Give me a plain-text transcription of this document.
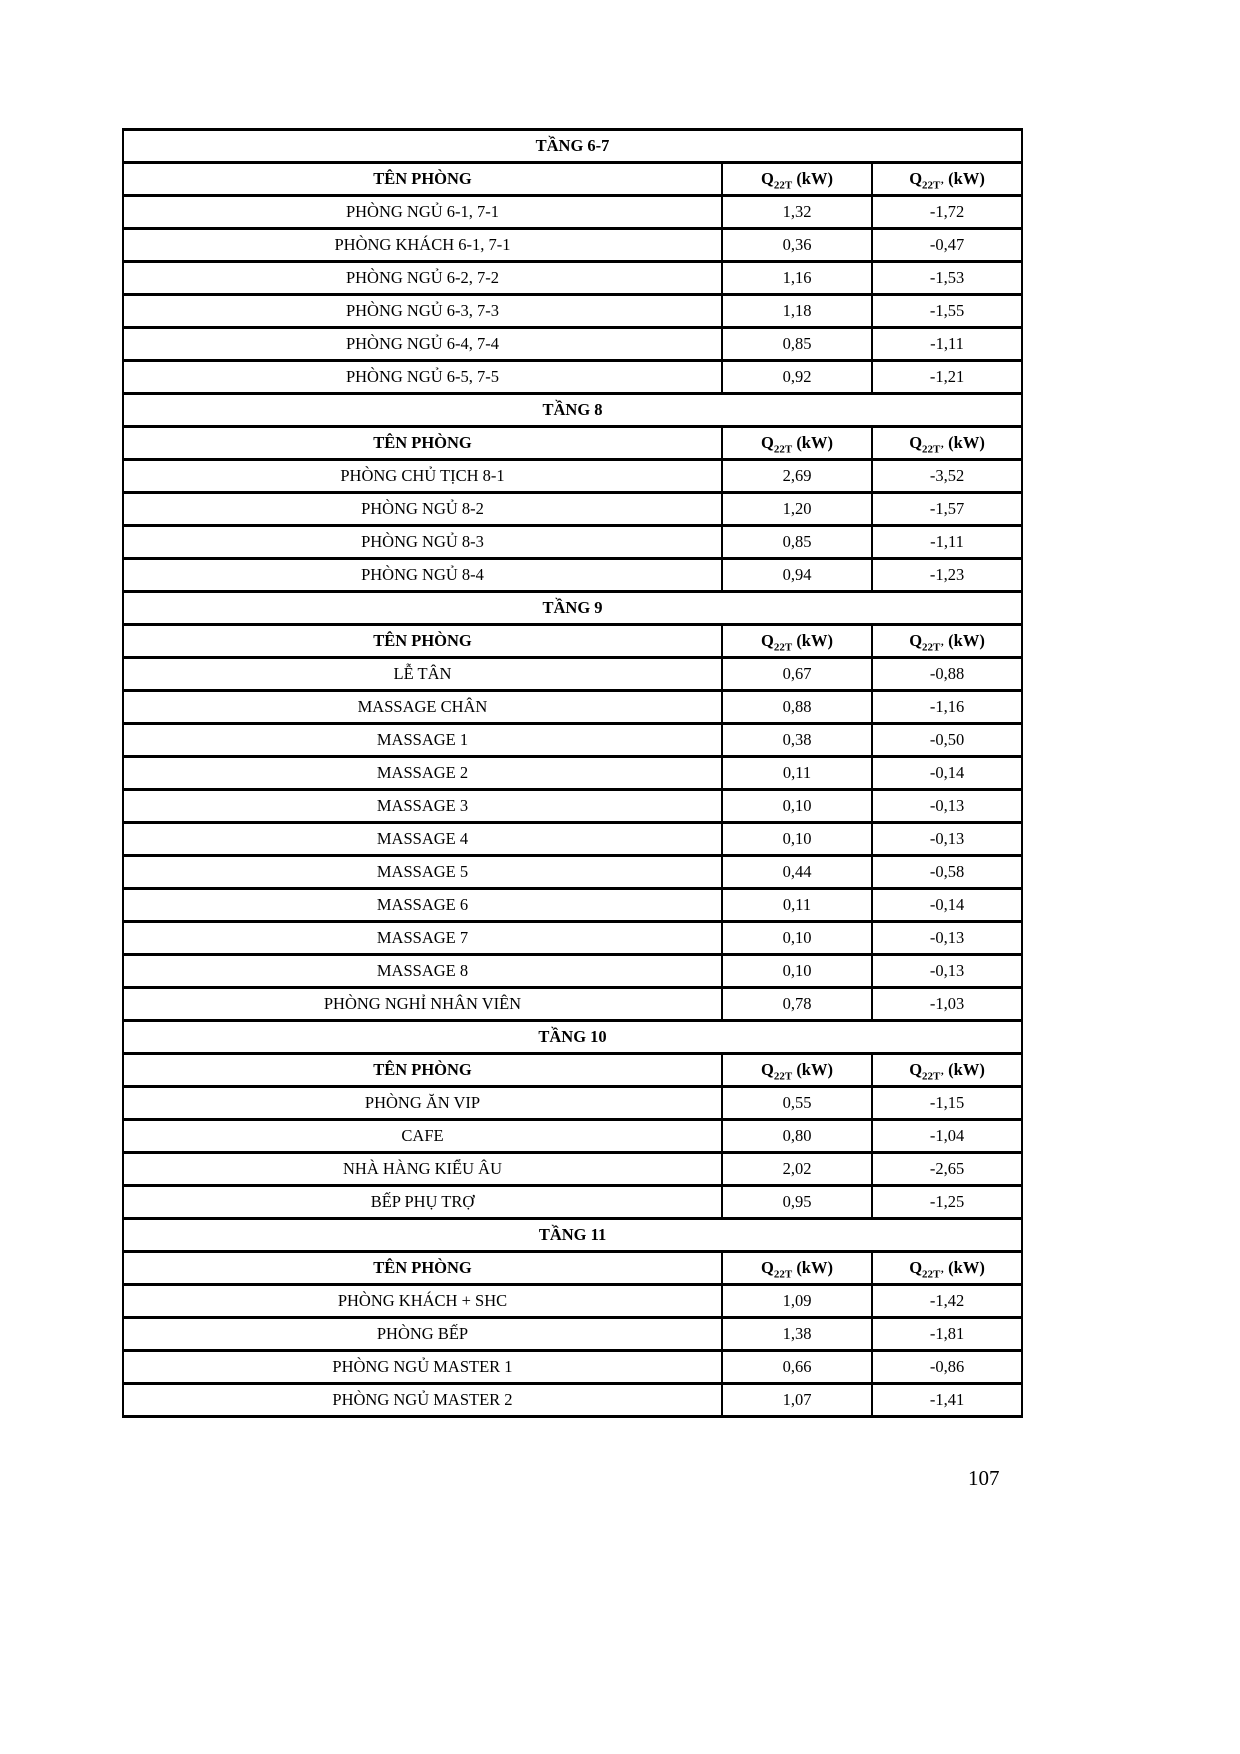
TẦNG 6-7		
TÊN PHÒNG	$Q_{22T}$ (kW)	$Q_{22T’}$ (kW)
PHÒNG NGỦ 6-1, 7-1	1,32	-1,72
PHÒNG KHÁCH 6-1, 7-1	0,36	-0,47
PHÒNG NGỦ 6-2, 7-2	1,16	-1,53
PHÒNG NGỦ 6-3, 7-3	1,18	-1,55
PHÒNG NGỦ 6-4, 7-4	0,85	-1,11
PHÒNG NGỦ 6-5, 7-5	0,92	-1,21
TẦNG 8		
TÊN PHÒNG	$Q_{22T}$ (kW)	$Q_{22T’}$ (kW)
PHÒNG CHỦ TỊCH 8-1	2,69	-3,52
PHÒNG NGỦ 8-2	1,20	-1,57
PHÒNG NGỦ 8-3	0,85	-1,11
PHÒNG NGỦ 8-4	0,94	-1,23
TẦNG 9		
TÊN PHÒNG	$Q_{22T}$ (kW)	$Q_{22T’}$ (kW)
LỄ TÂN	0,67	-0,88
MASSAGE CHÂN	0,88	-1,16
MASSAGE 1	0,38	-0,50
MASSAGE 2	0,11	-0,14
MASSAGE 3	0,10	-0,13
MASSAGE 4	0,10	-0,13
MASSAGE 5	0,44	-0,58
MASSAGE 6	0,11	-0,14
MASSAGE 7	0,10	-0,13
MASSAGE 8	0,10	-0,13
PHÒNG NGHỈ NHÂN VIÊN	0,78	-1,03
TẦNG 10		
TÊN PHÒNG	$Q_{22T}$ (kW)	$Q_{22T’}$ (kW)
PHÒNG ĂN VIP	0,55	-1,15
CAFE	0,80	-1,04
NHÀ HÀNG KIỂU ÂU	2,02	-2,65
BẾP PHỤ TRỢ	0,95	-1,25
TẦNG 11		
TÊN PHÒNG	$Q_{22T}$ (kW)	$Q_{22T’}$ (kW)
PHÒNG KHÁCH + SHC	1,09	-1,42
PHÒNG BẾP	1,38	-1,81
PHÒNG NGỦ MASTER 1	0,66	-0,86
PHÒNG NGỦ MASTER 2	1,07	-1,41
107
